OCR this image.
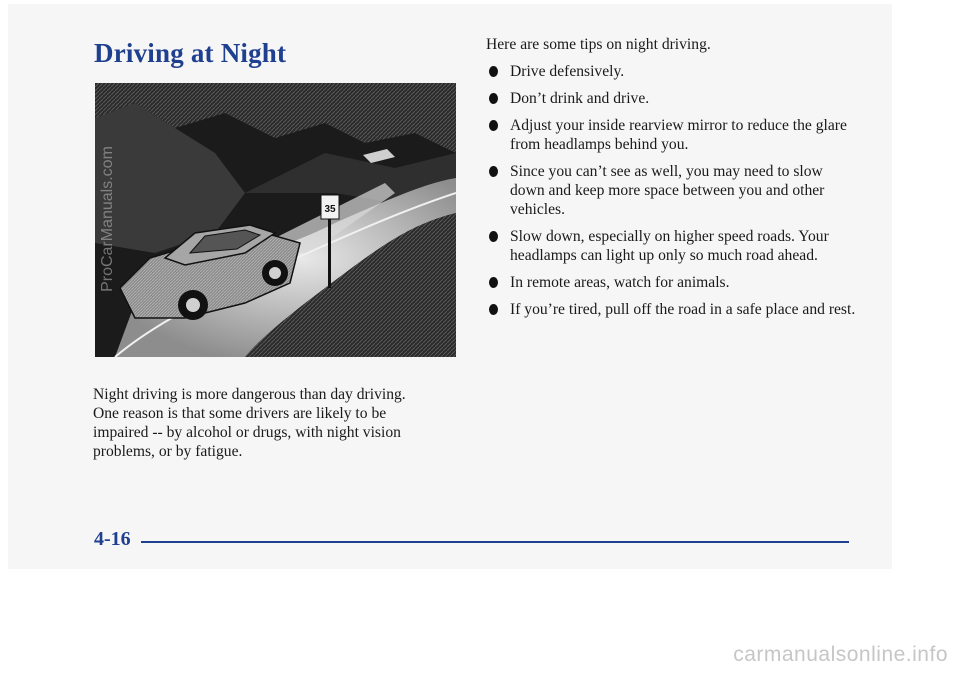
Driving at Night
35
ProCarManuals.com

Night driving is more dangerous than day driving. One reason is that some drivers are likely to be impaired -- by alcohol or drugs, with night vision problems, or by fatigue.

Here are some tips on night driving.

Drive defensively.
Don’t drink and drive.
Adjust your inside rearview mirror to reduce the glare from headlamps behind you.
Since you can’t see as well, you may need to slow down and keep more space between you and other vehicles.
Slow down, especially on higher speed roads. Your headlamps can light up only so much road ahead.
In remote areas, watch for animals.
If you’re tired, pull off the road in a safe place and rest.
4-16
carmanualsonline.info
